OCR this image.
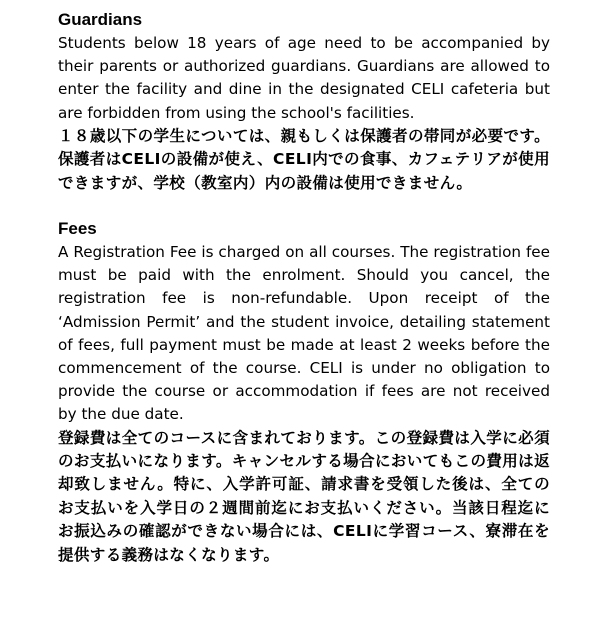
Guardians

Students below 18 years of age need to be accompanied by their parents or authorized guardians. Guardians are allowed to enter the facility and dine in the designated CELI cafeteria but are forbidden from using the school's facilities.

１８歳以下の学生については、親もしくは保護者の帯同が必要です。保護者はCELIの設備が使え、CELI内での食事、カフェテリアが使用できますが、学校（教室内）内の設備は使用できません。

Fees

A Registration Fee is charged on all courses. The registration fee must be paid with the enrolment. Should you cancel, the registration fee is non-refundable. Upon receipt of the ‘Admission Permit’ and the student invoice, detailing statement of fees, full payment must be made at least 2 weeks before the commencement of the course. CELI is under no obligation to provide the course or accommodation if fees are not received by the due date.

登録費は全てのコースに含まれております。この登録費は入学に必須のお支払いになります。キャンセルする場合においてもこの費用は返却致しません。特に、入学許可証、請求書を受領した後は、全てのお支払いを入学日の２週間前迄にお支払いください。当該日程迄にお振込みの確認ができない場合には、CELIに学習コース、寮滞在を提供する義務はなくなります。
